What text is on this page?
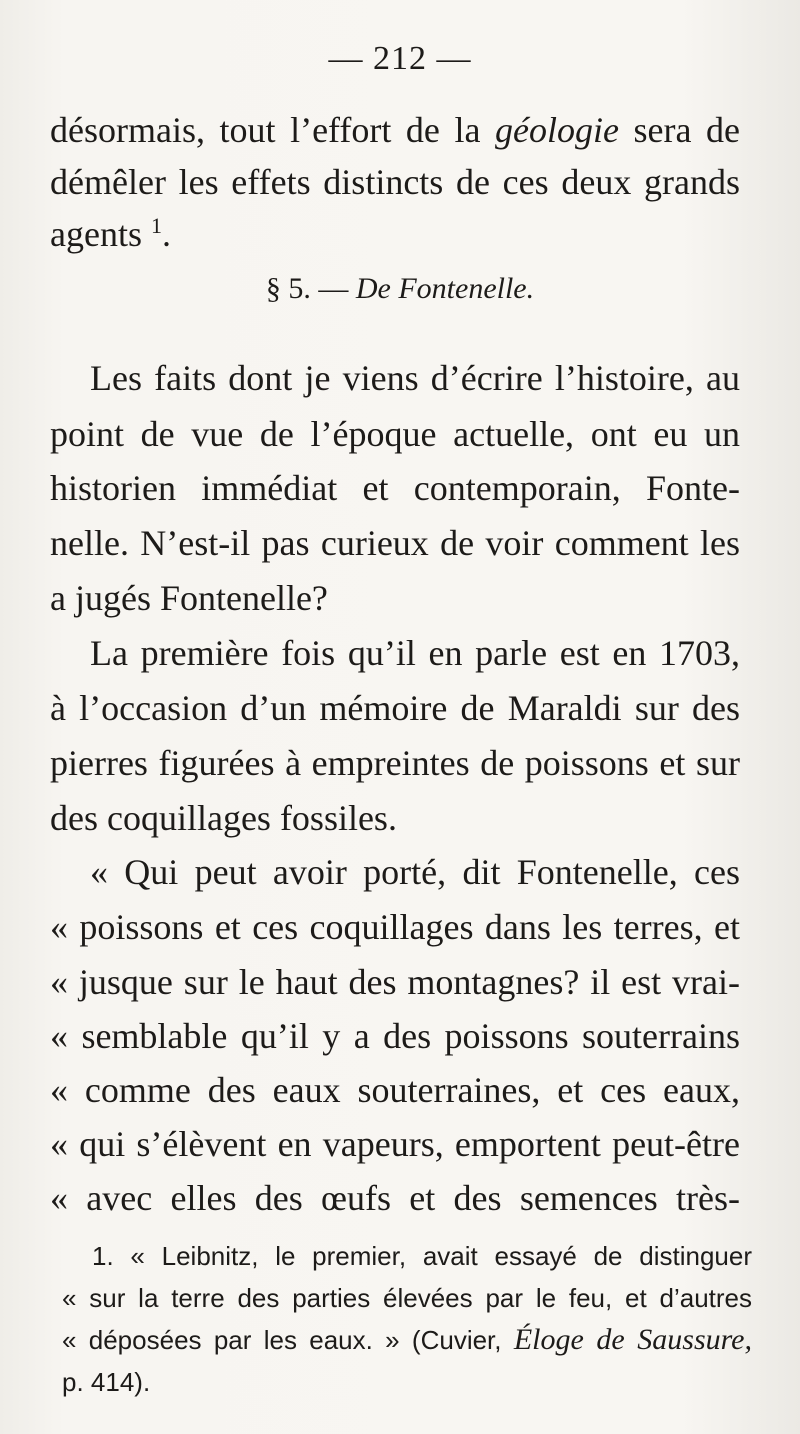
— 212 —
désormais, tout l’effort de la géologie sera de
démêler les effets distincts de ces deux grands
agents $^1$.
§ 5. — De Fontenelle.
Les faits dont je viens d’écrire l’histoire, au
point de vue de l’époque actuelle, ont eu un
historien immédiat et contemporain, Fonte-
nelle. N’est-il pas curieux de voir comment les
a jugés Fontenelle?
La première fois qu’il en parle est en 1703,
à l’occasion d’un mémoire de Maraldi sur des
pierres figurées à empreintes de poissons et sur
des coquillages fossiles.
« Qui peut avoir porté, dit Fontenelle, ces
« poissons et ces coquillages dans les terres, et
« jusque sur le haut des montagnes? il est vrai-
« semblable qu’il y a des poissons souterrains
« comme des eaux souterraines, et ces eaux,
« qui s’élèvent en vapeurs, emportent peut-être
« avec elles des œufs et des semences très-
1. « Leibnitz, le premier, avait essayé de distinguer
« sur la terre des parties élevées par le feu, et d’autres
« déposées par les eaux. » (Cuvier, Éloge de Saussure,
p. 414).
